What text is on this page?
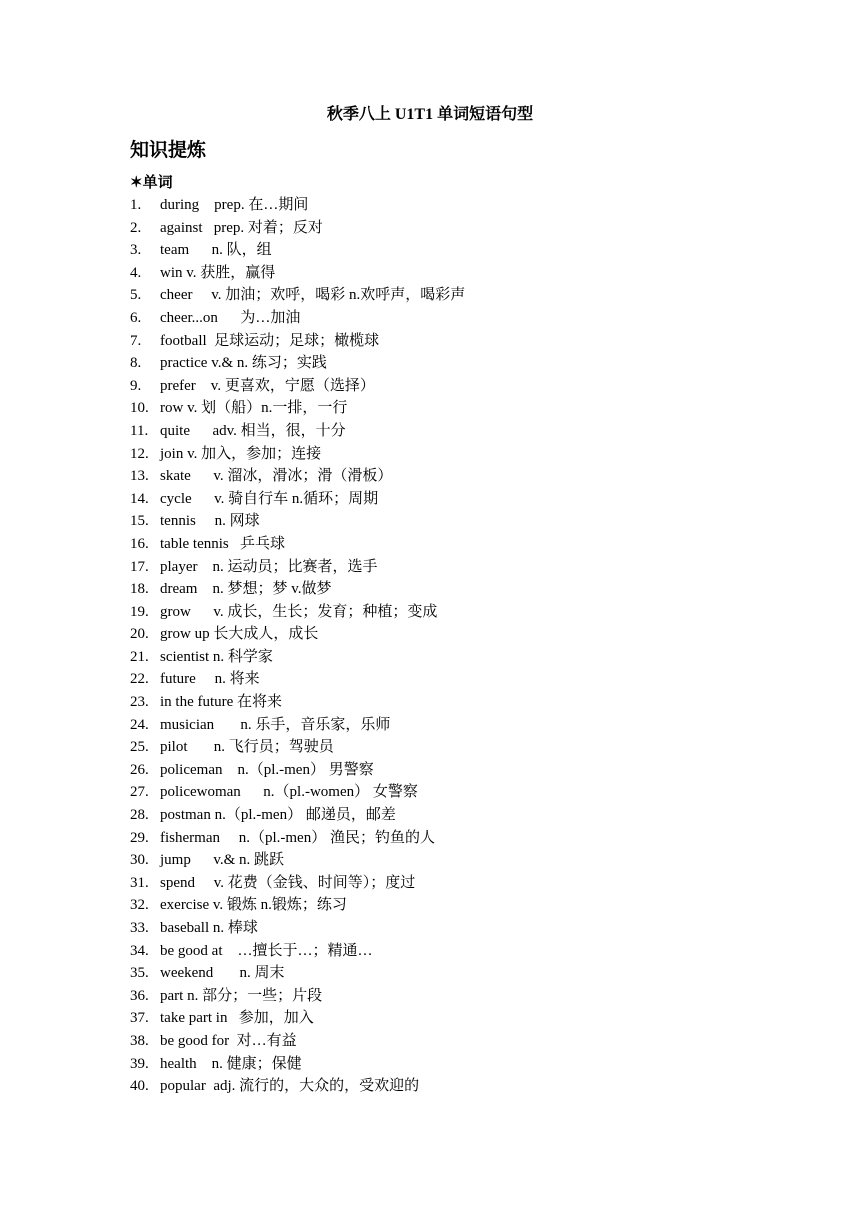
秋季八上 U1T1 单词短语句型
知识提炼
✶单词
1.	during    prep. 在…期间
2.	against   prep. 对着；反对
3.	team      n. 队，组
4.	win v. 获胜，赢得
5.	cheer     v. 加油；欢呼，喝彩 n.欢呼声，喝彩声
6.	cheer...on      为…加油
7.	football  足球运动；足球；橄榄球
8.	practice v.& n. 练习；实践
9.	prefer    v. 更喜欢，宁愿（选择）
10. row v. 划（船）n.一排，一行
11. quite      adv. 相当，很，十分
12. join v. 加入，参加；连接
13. skate      v. 溜冰，滑冰；滑（滑板）
14. cycle      v. 骑自行车 n.循环；周期
15. tennis     n. 网球
16. table tennis   乒乓球
17. player    n. 运动员；比赛者，选手
18. dream    n. 梦想；梦 v.做梦
19. grow      v. 成长，生长；发育；种植；变成
20. grow up 长大成人，成长
21. scientist n. 科学家
22. future     n. 将来
23. in the future 在将来
24. musician       n. 乐手，音乐家，乐师
25. pilot       n. 飞行员；驾驶员
26. policeman    n.（pl.-men） 男警察
27. policewoman      n.（pl.-women） 女警察
28. postman n.（pl.-men） 邮递员，邮差
29. fisherman     n.（pl.-men） 渔民；钓鱼的人
30. jump      v.& n. 跳跃
31. spend     v. 花费（金钱、时间等）；度过
32. exercise v. 锻炼 n.锻炼；练习
33. baseball n. 棒球
34. be good at    …擅长于…；精通…
35. weekend       n. 周末
36. part n. 部分；一些；片段
37. take part in   参加，加入
38. be good for  对…有益
39. health    n. 健康；保健
40. popular  adj. 流行的，大众的，受欢迎的
